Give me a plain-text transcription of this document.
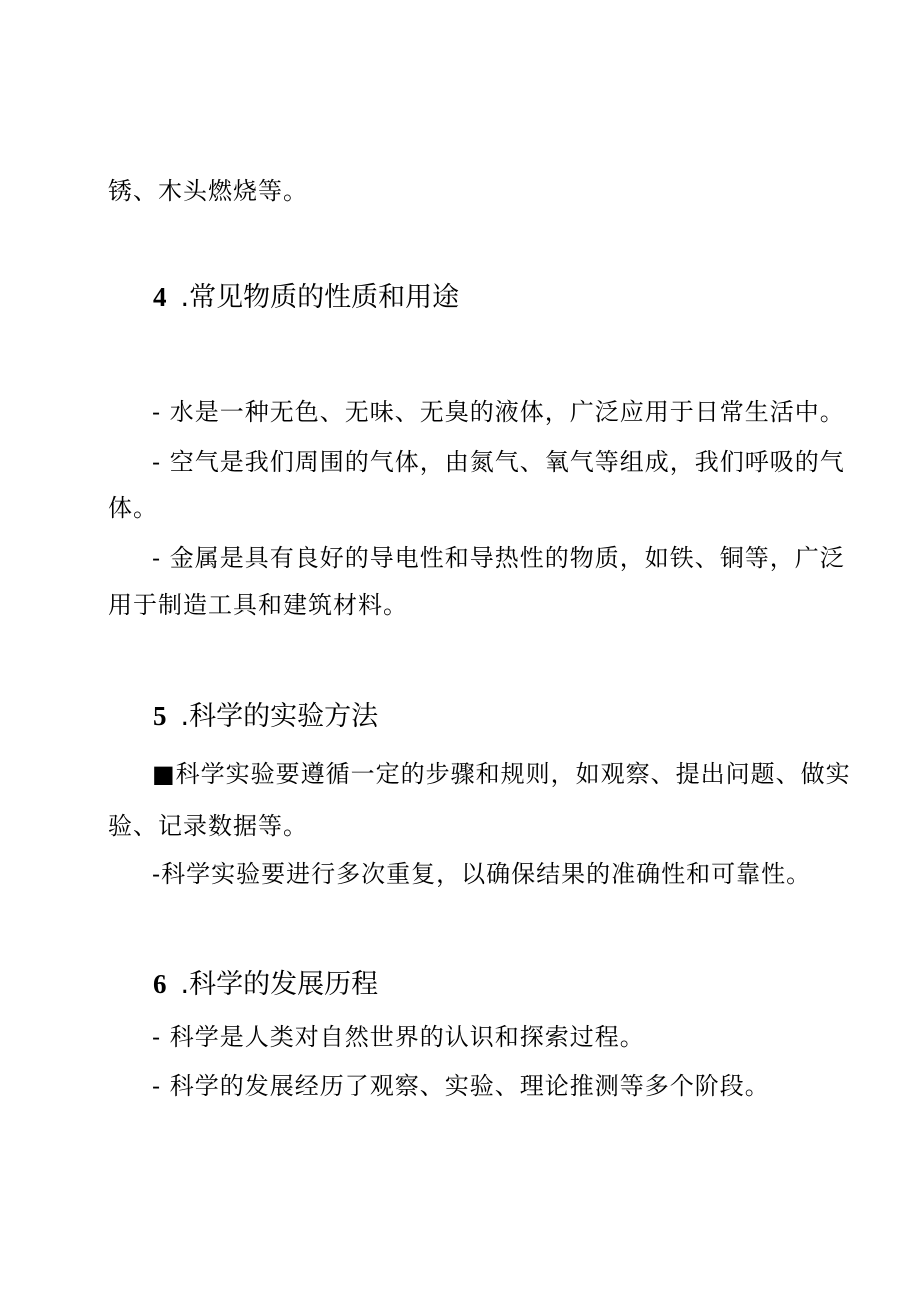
锈、木头燃烧等。
4 .常见物质的性质和用途
- 水是一种无色、无味、无臭的液体，广泛应用于日常生活中。
- 空气是我们周围的气体，由氮气、氧气等组成，我们呼吸的气
体。
- 金属是具有良好的导电性和导热性的物质，如铁、铜等，广泛
用于制造工具和建筑材料。
5 .科学的实验方法
■科学实验要遵循一定的步骤和规则，如观察、提出问题、做实
验、记录数据等。
-科学实验要进行多次重复，以确保结果的准确性和可靠性。
6 .科学的发展历程
- 科学是人类对自然世界的认识和探索过程。
- 科学的发展经历了观察、实验、理论推测等多个阶段。
